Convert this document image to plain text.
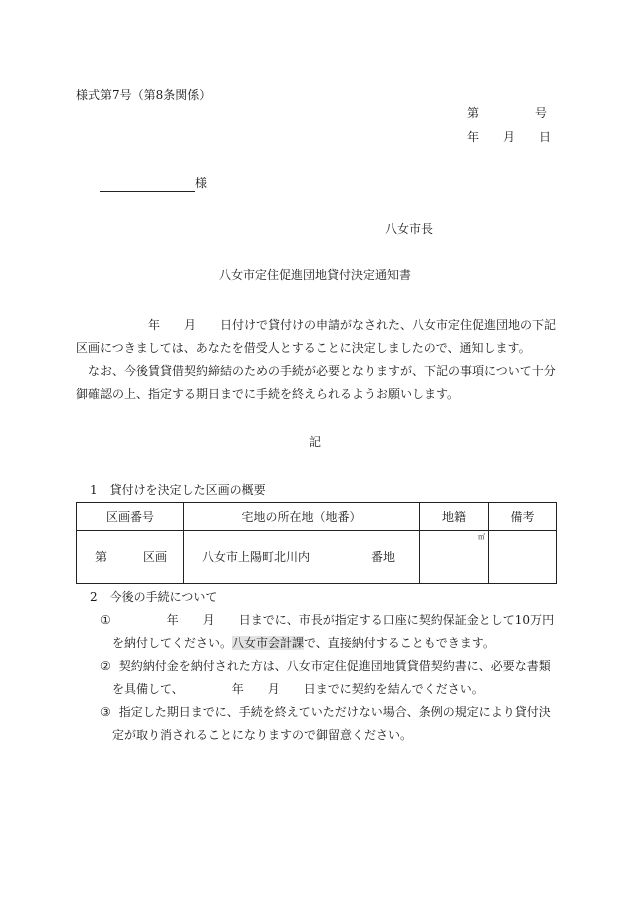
様式第7号（第8条関係）
第	号
年 月 日
様
八女市長
八女市定住促進団地貸付決定通知書
年 月 日付けで貸付けの申請がなされた、八女市定住促進団地の下記
区画につきましては、あなたを借受人とすることに決定しましたので、通知します。
なお、今後賃貸借契約締結のための手続が必要となりますが、下記の事項について十分
御確認の上、指定する期日までに手続を終えられるようお願いします。
記
1　貸付けを決定した区画の概要
区画番号	宅地の所在地（地番）	地籍	備考

第 区画	八女市上陽町北川内 番地	㎡	

2　今後の手続について
①	年 月 日までに、市長が指定する口座に契約保証金として10万円
を納付してください。八女市会計課で、直接納付することもできます。
② 契約納付金を納付された方は、八女市定住促進団地賃貸借契約書に、必要な書類
を具備して、	年 月 日までに契約を結んでください。
③ 指定した期日までに、手続を終えていただけない場合、条例の規定により貸付決
定が取り消されることになりますので御留意ください。
